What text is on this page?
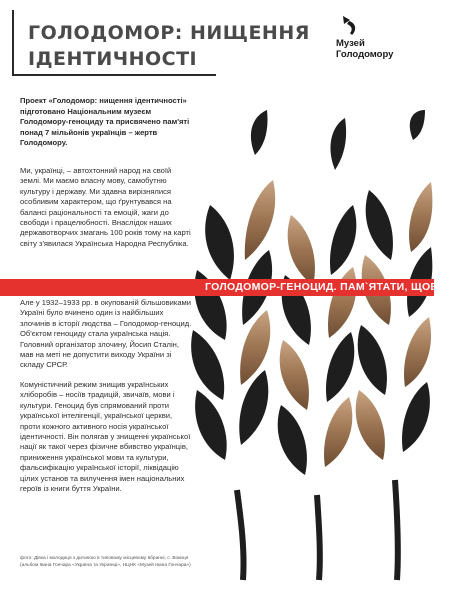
ГОЛОДОМОР: НИЩЕННЯ
ІДЕНТИЧНОСТІ
Музей
Голодомору
Проект «Голодомор: нищення ідентичності» підготовано Національним музеєм Голодомору-геноциду та присвячено пам'яті понад 7 мільйонів українців – жертв Голодомору.
Ми, українці, – автохтонний народ на своїй землі. Ми маємо власну мову, самобутню культуру і державу. Ми здавна вирізнялися особливим характером, що ґрунтувався на балансі раціональності та емоцій, жаги до свободи і працелюбності. Внаслідок наших державотворчих змагань 100 років тому на карті світу з'явилася Українська Народна Республіка.
Але у 1932–1933 рр. в окупованій більшовиками Україні було вчинено один із найбільших злочинів в історії людства – Голодомор-геноцид. Об'єктом геноциду стала українська нація. Головний організатор злочину, Йосип Сталін, мав на меті не допустити виходу України зі складу СРСР.
Комуністичний режим знищив українських хліборобів – носіїв традицій, звичаїв, мови і культури. Геноцид був спрямований проти української інтелігенції, української церкви, проти кожного активного носія української ідентичності. Він полягав у знищенні української нації як такої через фізичне вбивство українців, приниження української мови та культури, фальсифікацію української історії, ліквідацію цілих установ та вилучення імен національних героїв із книги буття України.
ГОЛОДОМОР-ГЕНОЦИД. ПАМ`ЯТАТИ, ЩОБ БУТИ
фото: Дівка і молодиця з дитиною в типовому місцевому вбранні, с. Вокиця
(альбом Івана Гончара «Україна та Українці», НЦНК «Музей Івана Гончара»)
